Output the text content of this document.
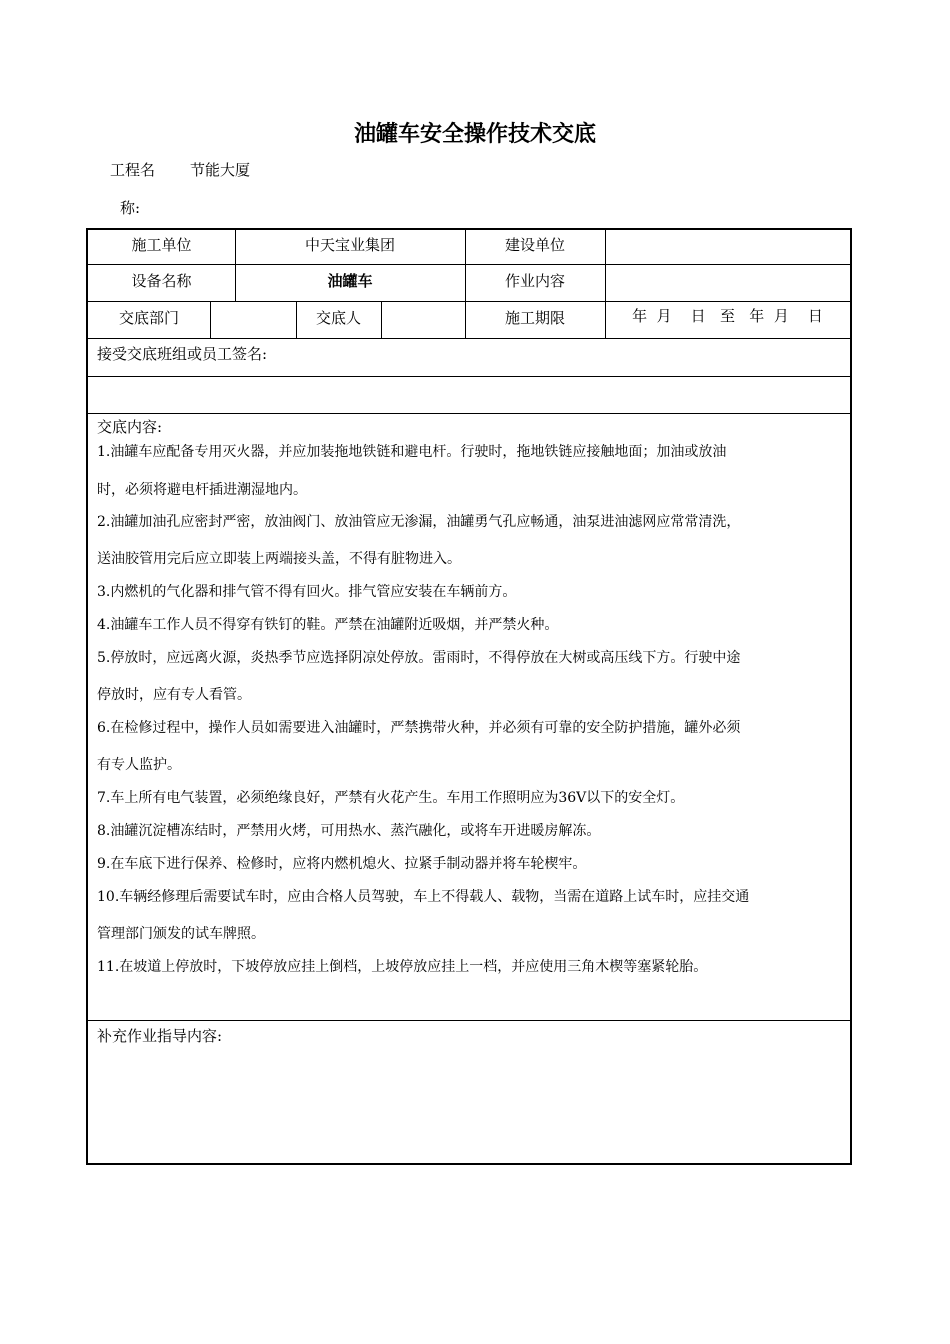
油罐车安全操作技术交底
工程名 节能大厦
称:
施工单位	中天宝业集团	建设单位
设备名称	油罐车	作业内容
交底部门	交底人	施工期限	年  月    日   至   年  月    日
接受交底班组或员工签名:
交底内容:
1.油罐车应配备专用灭火器，并应加装拖地铁链和避电杆。行驶时，拖地铁链应接触地面；加油或放油
时，必须将避电杆插进潮湿地内。
2.油罐加油孔应密封严密，放油阀门、放油管应无渗漏，油罐勇气孔应畅通，油泵进油滤网应常常清洗，
送油胶管用完后应立即装上两端接头盖，不得有脏物进入。
3.内燃机的气化器和排气管不得有回火。排气管应安装在车辆前方。
4.油罐车工作人员不得穿有铁钉的鞋。严禁在油罐附近吸烟，并严禁火种。
5.停放时，应远离火源，炎热季节应选择阴凉处停放。雷雨时，不得停放在大树或高压线下方。行驶中途
停放时，应有专人看管。
6.在检修过程中，操作人员如需要进入油罐时，严禁携带火种，并必须有可靠的安全防护措施，罐外必须
有专人监护。
7.车上所有电气装置，必须绝缘良好，严禁有火花产生。车用工作照明应为36V以下的安全灯。
8.油罐沉淀槽冻结时，严禁用火烤，可用热水、蒸汽融化，或将车开进暖房解冻。
9.在车底下进行保养、检修时，应将内燃机熄火、拉紧手制动器并将车轮楔牢。
10.车辆经修理后需要试车时，应由合格人员驾驶，车上不得载人、载物，当需在道路上试车时，应挂交通
管理部门颁发的试车牌照。
11.在坡道上停放时，下坡停放应挂上倒档，上坡停放应挂上一档，并应使用三角木楔等塞紧轮胎。
补充作业指导内容:
